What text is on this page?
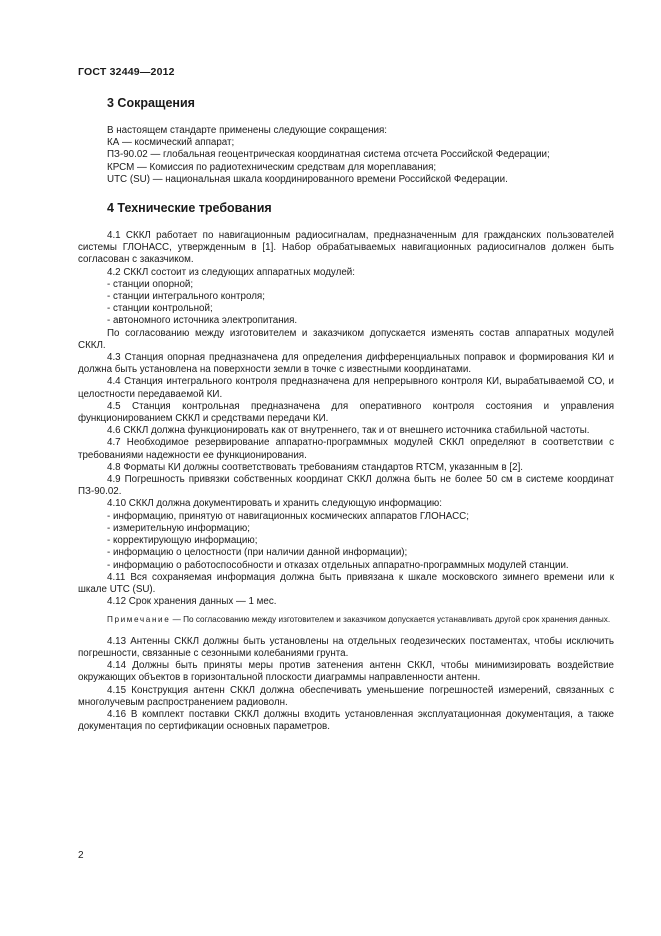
ГОСТ 32449—2012
3 Сокращения

В настоящем стандарте применены следующие сокращения:

КА — космический аппарат;

ПЗ-90.02 — глобальная геоцентрическая координатная система отсчета Российской Федерации;

КРСМ — Комиссия по радиотехническим средствам для мореплавания;

UTC (SU) — национальная шкала координированного времени Российской Федерации.

4 Технические требования

4.1 СККЛ работает по навигационным радиосигналам, предназначенным для гражданских пользователей системы ГЛОНАСС, утвержденным в [1]. Набор обрабатываемых навигационных радиосигналов должен быть согласован с заказчиком.

4.2 СККЛ состоит из следующих аппаратных модулей:

- станции опорной;

- станции интегрального контроля;

- станции контрольной;

- автономного источника электропитания.

По согласованию между изготовителем и заказчиком допускается изменять состав аппаратных модулей СККЛ.

4.3 Станция опорная предназначена для определения дифференциальных поправок и формирования КИ и должна быть установлена на поверхности земли в точке с известными координатами.

4.4 Станция интегрального контроля предназначена для непрерывного контроля КИ, вырабатываемой СО, и целостности передаваемой КИ.

4.5 Станция контрольная предназначена для оперативного контроля состояния и управления функционированием СККЛ и средствами передачи КИ.

4.6 СККЛ должна функционировать как от внутреннего, так и от внешнего источника стабильной частоты.

4.7 Необходимое резервирование аппаратно-программных модулей СККЛ определяют в соответствии с требованиями надежности ее функционирования.

4.8 Форматы КИ должны соответствовать требованиям стандартов RTCM, указанным в [2].

4.9 Погрешность привязки собственных координат СККЛ должна быть не более 50 см в системе координат ПЗ-90.02.

4.10 СККЛ должна документировать и хранить следующую информацию:

- информацию, принятую от навигационных космических аппаратов ГЛОНАСС;

- измерительную информацию;

- корректирующую информацию;

- информацию о целостности (при наличии данной информации);

- информацию о работоспособности и отказах отдельных аппаратно-программных модулей станции.

4.11 Вся сохраняемая информация должна быть привязана к шкале московского зимнего времени или к шкале UTC (SU).

4.12 Срок хранения данных — 1 мес.

Примечание — По согласованию между изготовителем и заказчиком допускается устанавливать другой срок хранения данных.

4.13 Антенны СККЛ должны быть установлены на отдельных геодезических постаментах, чтобы исключить погрешности, связанные с сезонными колебаниями грунта.

4.14 Должны быть приняты меры против затенения антенн СККЛ, чтобы минимизировать воздействие окружающих объектов в горизонтальной плоскости диаграммы направленности антенн.

4.15 Конструкция антенн СККЛ должна обеспечивать уменьшение погрешностей измерений, связанных с многолучевым распространением радиоволн.

4.16 В комплект поставки СККЛ должны входить установленная эксплуатационная документация, а также документация по сертификации основных параметров.

2
